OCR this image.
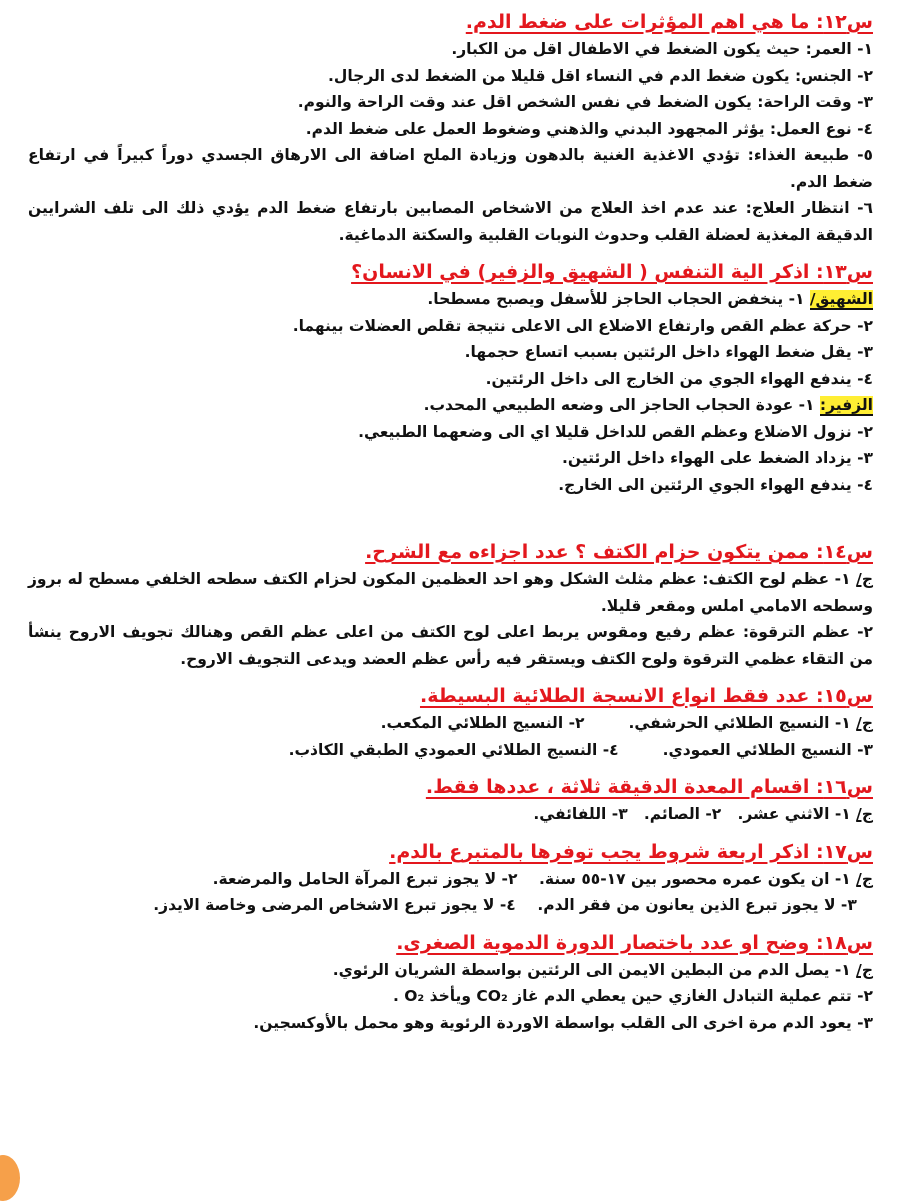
س١٢: ما هي اهم المؤثرات على ضغط الدم.

١- العمر: حيث يكون الضغط في الاطفال اقل من الكبار.

٢- الجنس: يكون ضغط الدم في النساء اقل قليلا من الضغط لدى الرجال.

٣- وقت الراحة: يكون الضغط في نفس الشخص اقل عند وقت الراحة والنوم.

٤- نوع العمل: يؤثر المجهود البدني والذهني وضغوط العمل على ضغط الدم.

٥- طبيعة الغذاء: تؤدي الاغذية الغنية بالدهون وزيادة الملح اضافة الى الارهاق الجسدي دوراً كبيراً في ارتفاع ضغط الدم.

٦- انتظار العلاج: عند عدم اخذ العلاج من الاشخاص المصابين بارتفاع ضغط الدم يؤدي ذلك الى تلف الشرايين الدقيقة المغذية لعضلة القلب وحدوث النوبات القلبية والسكتة الدماغية.

س١٣: اذكر الية التنفس ( الشهيق والزفير) في الانسان؟

الشهيق/ ١- ينخفض الحجاب الحاجز للأسفل ويصبح مسطحا.

٢- حركة عظم القص وارتفاع الاضلاع الى الاعلى نتيجة تقلص العضلات بينهما.

٣- يقل ضغط الهواء داخل الرئتين بسبب اتساع حجمها.

٤- يندفع الهواء الجوي من الخارج الى داخل الرئتين.

الزفير: ١- عودة الحجاب الحاجز الى وضعه الطبيعي المحدب.

٢- نزول الاضلاع وعظم القص للداخل قليلا اي الى وضعهما الطبيعي.

٣- يزداد الضغط على الهواء داخل الرئتين.

٤- يندفع الهواء الجوي الرئتين الى الخارج.

س١٤: ممن يتكون حزام الكتف ؟ عدد اجزاءه مع الشرح.

ج/ ١- عظم لوح الكتف: عظم مثلث الشكل وهو احد العظمين المكون لحزام الكتف سطحه الخلفي مسطح له بروز وسطحه الامامي املس ومقعر قليلا.

٢- عظم الترقوة: عظم رفيع ومقوس يربط اعلى لوح الكتف من اعلى عظم القص وهنالك تجويف الاروح ينشأ من التقاء عظمي الترقوة ولوح الكتف ويستقر فيه رأس عظم العضد ويدعى التجويف الاروح.

س١٥: عدد فقط انواع الانسجة الطلائية البسيطة.

ج/ ١- النسيج الطلائي الحرشفي.٢- النسيج الطلائي المكعب.

٣- النسيج الطلائي العمودي.٤- النسيج الطلائي العمودي الطبقي الكاذب.

س١٦: اقسام المعدة الدقيقة ثلاثة ، عددها فقط.

ج/ ١- الاثني عشر.   ٢- الصائم.   ٣- اللفائفي.

س١٧: اذكر اربعة شروط يجب توفرها بالمتبرع بالدم.

ج/ ١- ان يكون عمره محصور بين ١٧-٥٥ سنة.    ٢- لا يجوز تبرع المرآة الحامل والمرضعة.

٣- لا يجوز تبرع الذين يعانون من فقر الدم.    ٤- لا يجوز تبرع الاشخاص المرضى وخاصة الايدز.

س١٨: وضح او عدد باختصار الدورة الدموية الصغرى.

ج/ ١- يصل الدم من البطين الايمن الى الرئتين بواسطة الشريان الرئوي.

٢- تتم عملية التبادل الغازي حين يعطي الدم غاز CO₂ ويأخذ O₂ .

٣- يعود الدم مرة اخرى الى القلب بواسطة الاوردة الرئوية وهو محمل بالأوكسجين.
